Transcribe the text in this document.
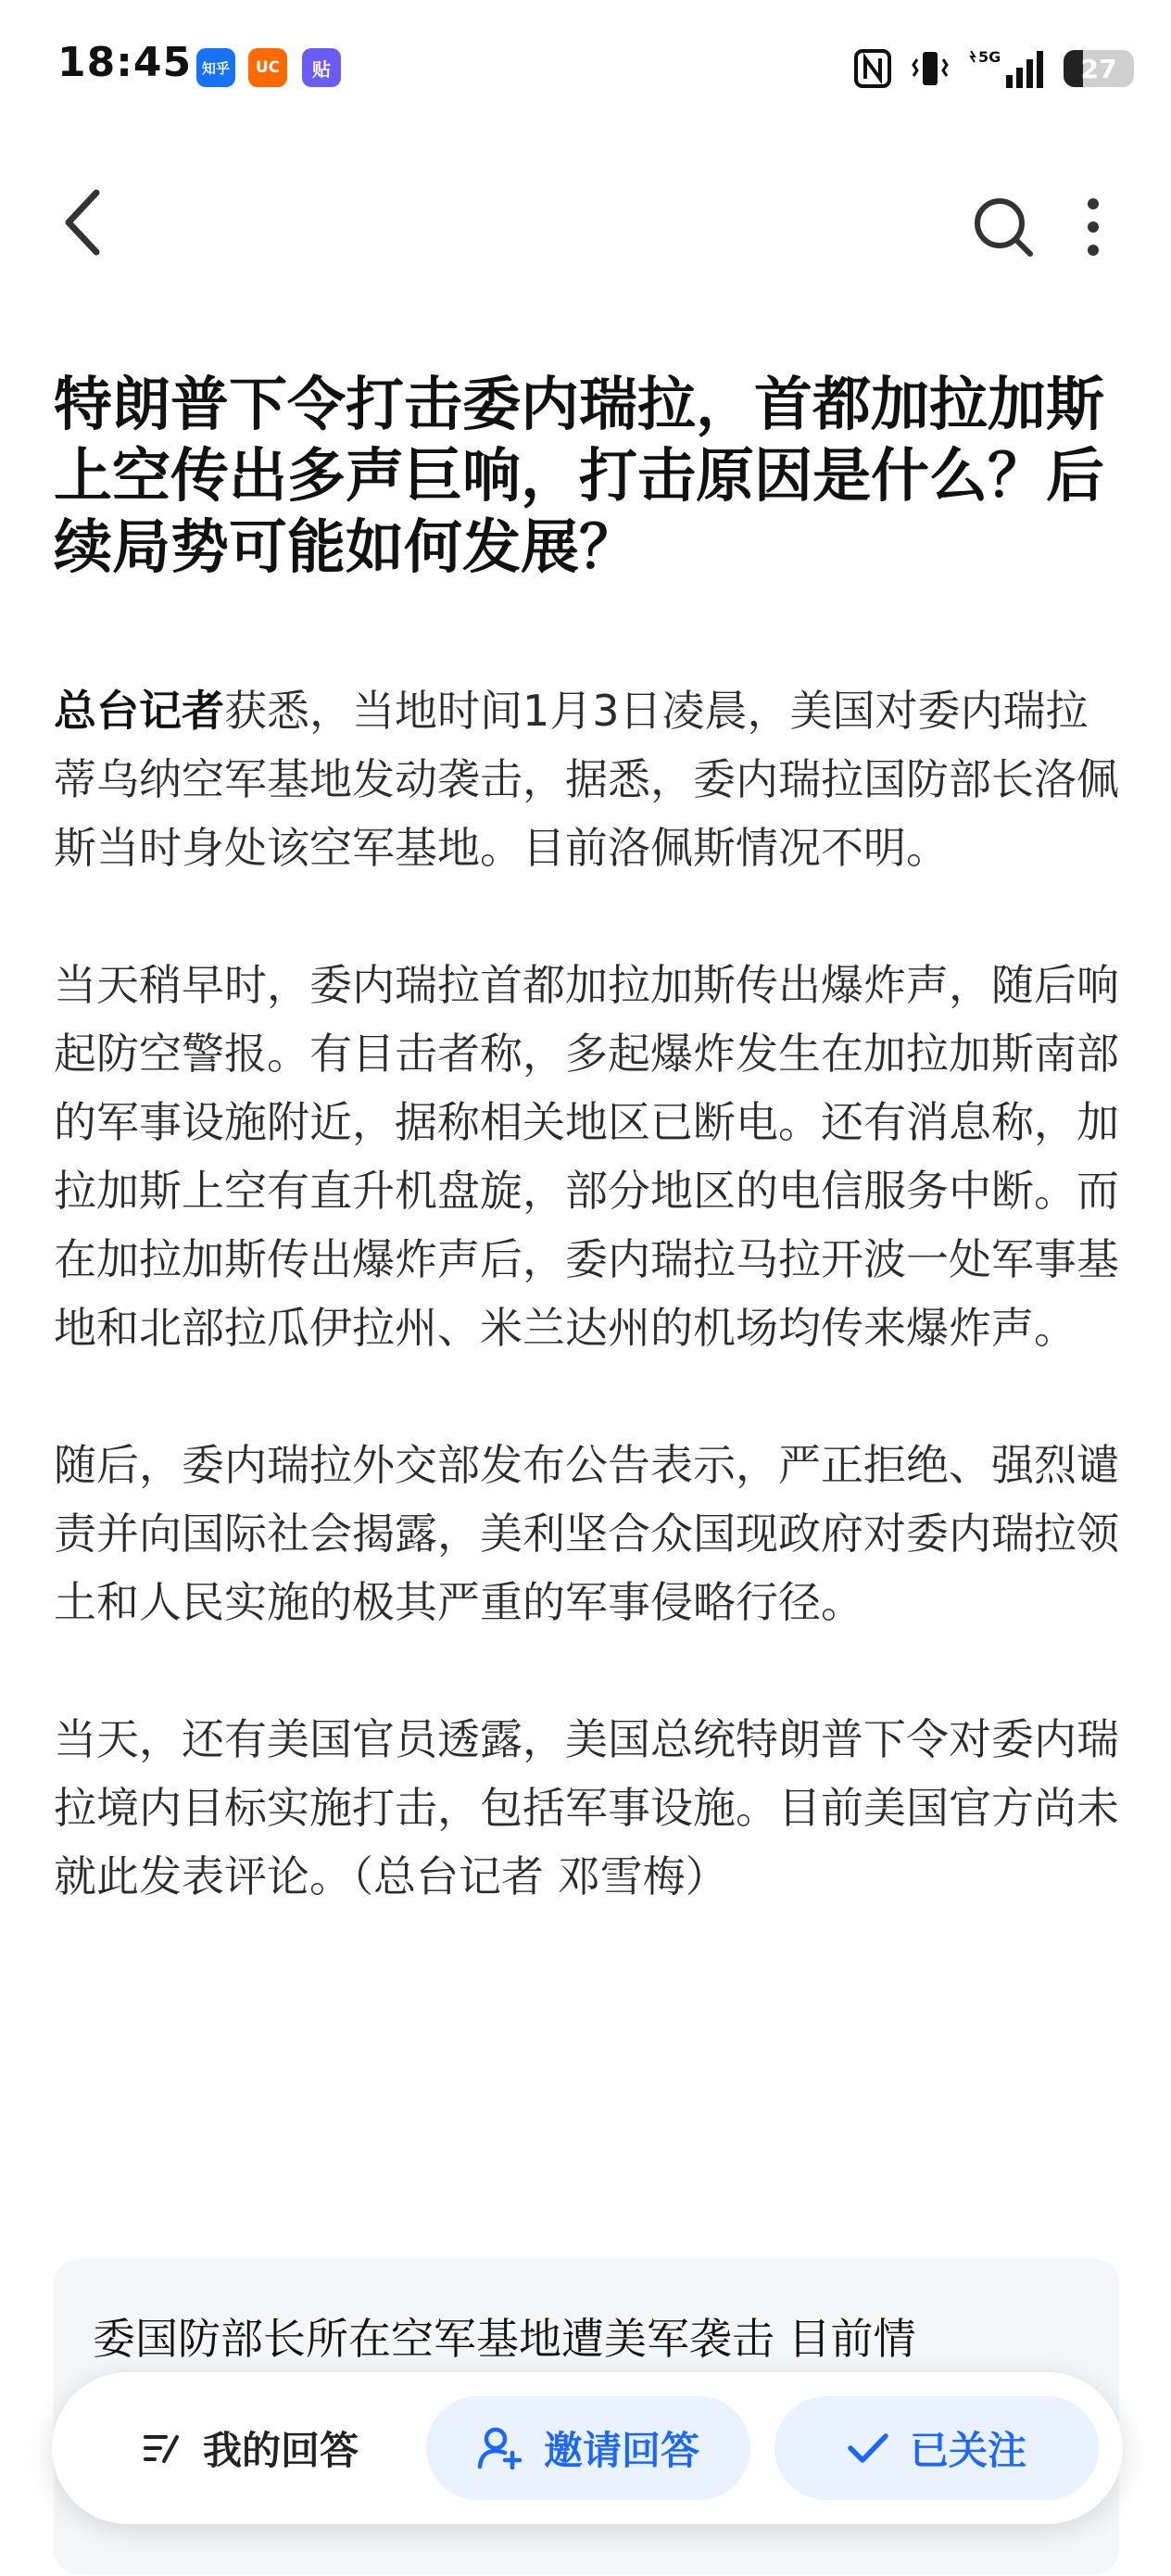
18:45 知乎 UC 贴
5G	27
特朗普下令打击委内瑞拉，首都加拉加斯上空传出多声巨响，打击原因是什么？后续局势可能如何发展？

总台记者获悉，当地时间1月3日凌晨，美国对委内瑞拉蒂乌纳空军基地发动袭击，据悉，委内瑞拉国防部长洛佩斯当时身处该空军基地。目前洛佩斯情况不明。

当天稍早时，委内瑞拉首都加拉加斯传出爆炸声，随后响起防空警报。有目击者称，多起爆炸发生在加拉加斯南部的军事设施附近，据称相关地区已断电。还有消息称，加拉加斯上空有直升机盘旋，部分地区的电信服务中断。而在加拉加斯传出爆炸声后，委内瑞拉马拉开波一处军事基地和北部拉瓜伊拉州、米兰达州的机场均传来爆炸声。

随后，委内瑞拉外交部发布公告表示，严正拒绝、强烈谴责并向国际社会揭露，美利坚合众国现政府对委内瑞拉领土和人民实施的极其严重的军事侵略行径。

当天，还有美国官员透露，美国总统特朗普下令对委内瑞拉境内目标实施打击，包括军事设施。目前美国官方尚未就此发表评论。（总台记者 邓雪梅）

委国防部长所在空军基地遭美军袭击 目前情
我的回答	邀请回答	已关注
